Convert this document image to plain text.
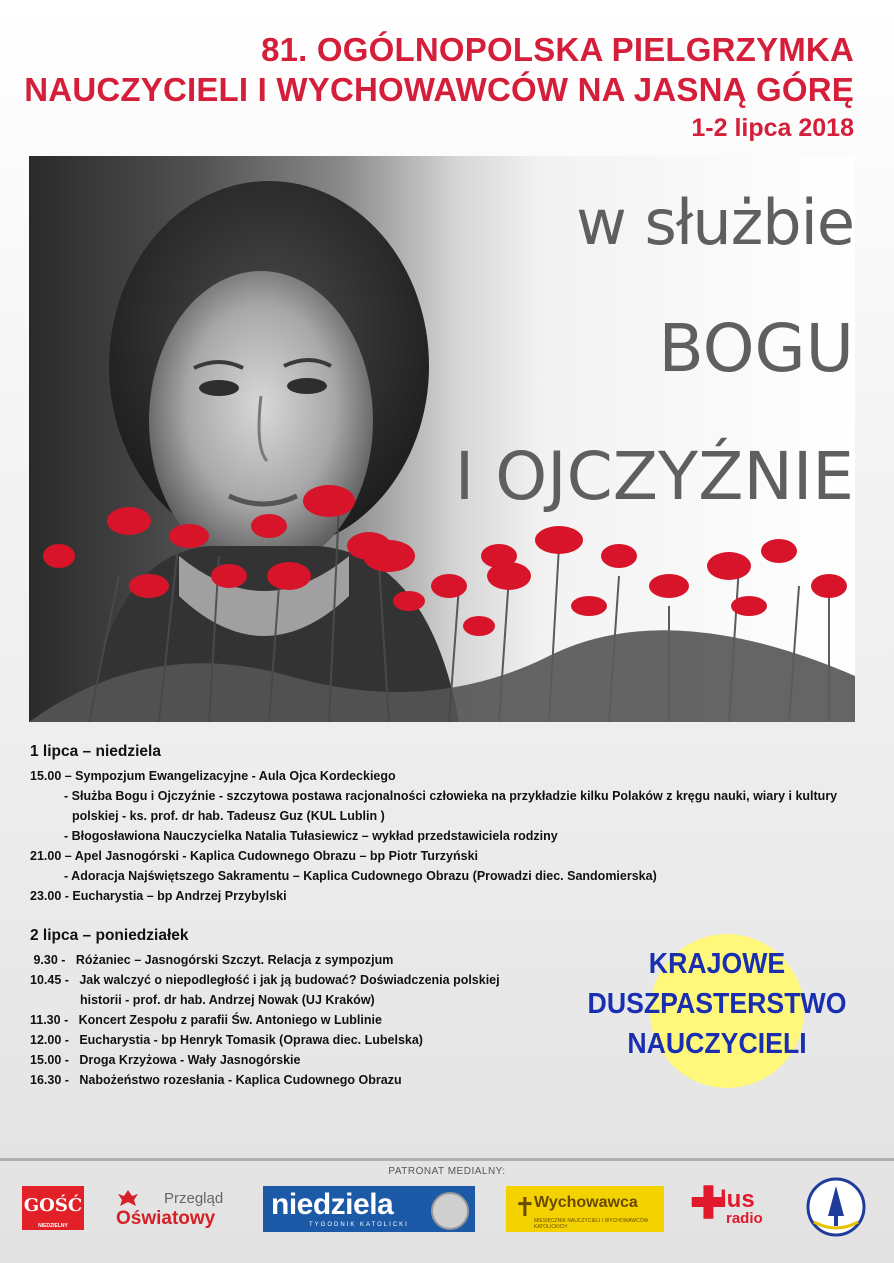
81. OGÓLNOPOLSKA PIELGRZYMKA
NAUCZYCIELI I WYCHOWAWCÓW NA JASNĄ GÓRĘ
1-2 lipca 2018
w służbie
BOGU
I OJCZYŹNIE
1 lipca – niedziela
15.00 – Sympozjum Ewangelizacyjne - Aula Ojca Kordeckiego
- Służba Bogu i Ojczyźnie - szczytowa postawa racjonalności człowieka na przykładzie kilku Polaków z kręgu nauki, wiary i kultury
polskiej - ks. prof. dr hab. Tadeusz Guz (KUL Lublin )
- Błogosławiona Nauczycielka Natalia Tułasiewicz – wykład przedstawiciela rodziny
21.00 – Apel Jasnogórski - Kaplica Cudownego Obrazu – bp Piotr Turzyński
- Adoracja Najświętszego Sakramentu – Kaplica Cudownego Obrazu (Prowadzi diec. Sandomierska)
23.00 - Eucharystia – bp Andrzej Przybylski
2 lipca – poniedziałek
9.30 -   Różaniec – Jasnogórski Szczyt. Relacja z sympozjum
10.45 -   Jak walczyć o niepodległość i jak ją budować? Doświadczenia polskiej
historii - prof. dr hab. Andrzej Nowak (UJ Kraków)
11.30 -   Koncert Zespołu z parafii Św. Antoniego w Lublinie
12.00 -   Eucharystia - bp Henryk Tomasik (Oprawa diec. Lubelska)
15.00 -   Droga Krzyżowa - Wały Jasnogórskie
16.30 -   Nabożeństwo rozesłania - Kaplica Cudownego Obrazu
KRAJOWE
DUSZPASTERSTWO
NAUCZYCIELI
PATRONAT MEDIALNY:
GOŚĆ
NIEDZIELNY
Przegląd
Oświatowy niedziela
TYGODNIK KATOLICKI
✝
Wychowawca
MIESIĘCZNIK NAUCZYCIELI I WYCHOWAWCÓW KATOLICKICH	✚
lus
radio
